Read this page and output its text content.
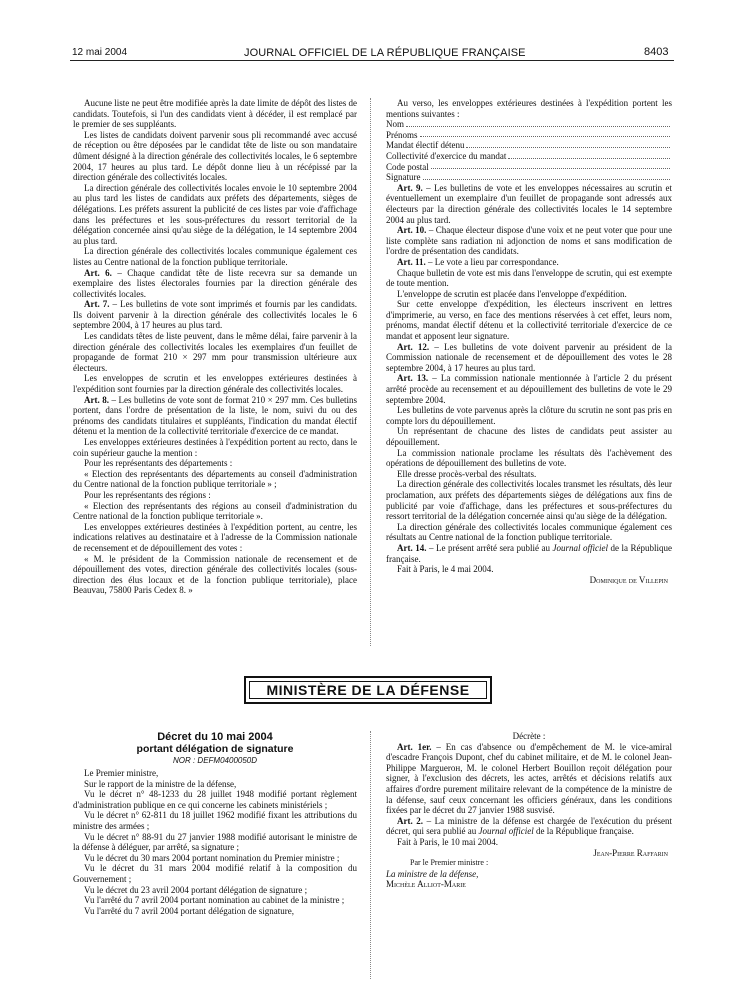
12 mai 2004	JOURNAL OFFICIEL DE LA RÉPUBLIQUE FRANÇAISE	8403

Aucune liste ne peut être modifiée après la date limite de dépôt des listes de candidats. Toutefois, si l'un des candidats vient à décéder, il est remplacé par le premier de ses suppléants.

Les listes de candidats doivent parvenir sous pli recommandé avec accusé de réception ou être déposées par le candidat tête de liste ou son mandataire dûment désigné à la direction générale des collectivités locales, le 6 septembre 2004, 17 heures au plus tard. Le dépôt donne lieu à un récépissé par la direction générale des collectivités locales.

La direction générale des collectivités locales envoie le 10 septembre 2004 au plus tard les listes de candidats aux préfets des départements, sièges de délégations. Les préfets assurent la publicité de ces listes par voie d'affichage dans les préfectures et les sous-préfectures du ressort territorial de la délégation concernée ainsi qu'au siège de la délégation, le 14 septembre 2004 au plus tard.

La direction générale des collectivités locales communique également ces listes au Centre national de la fonction publique territoriale.

Art. 6. – Chaque candidat tête de liste recevra sur sa demande un exemplaire des listes électorales fournies par la direction générale des collectivités locales.

Art. 7. – Les bulletins de vote sont imprimés et fournis par les candidats. Ils doivent parvenir à la direction générale des collectivités locales le 6 septembre 2004, à 17 heures au plus tard.

Les candidats têtes de liste peuvent, dans le même délai, faire parvenir à la direction générale des collectivités locales les exemplaires d'un feuillet de propagande de format 210 × 297 mm pour transmission ultérieure aux électeurs.

Les enveloppes de scrutin et les enveloppes extérieures destinées à l'expédition sont fournies par la direction générale des collectivités locales.

Art. 8. – Les bulletins de vote sont de format 210 × 297 mm. Ces bulletins portent, dans l'ordre de présentation de la liste, le nom, suivi du ou des prénoms des candidats titulaires et suppléants, l'indication du mandat électif détenu et la mention de la collectivité territoriale d'exercice de ce mandat.

Les enveloppes extérieures destinées à l'expédition portent au recto, dans le coin supérieur gauche la mention :

Pour les représentants des départements :

« Election des représentants des départements au conseil d'administration du Centre national de la fonction publique territoriale » ;

Pour les représentants des régions :

« Election des représentants des régions au conseil d'administration du Centre national de la fonction publique territoriale ».

Les enveloppes extérieures destinées à l'expédition portent, au centre, les indications relatives au destinataire et à l'adresse de la Commission nationale de recensement et de dépouillement des votes :

« M. le président de la Commission nationale de recensement et de dépouillement des votes, direction générale des collectivités locales (sous-direction des élus locaux et de la fonction publique territoriale), place Beauvau, 75800 Paris Cedex 8. »

Au verso, les enveloppes extérieures destinées à l'expédition portent les mentions suivantes :

Nom
Prénoms
Mandat électif détenu
Collectivité d'exercice du mandat
Code postal
Signature

Art. 9. – Les bulletins de vote et les enveloppes nécessaires au scrutin et éventuellement un exemplaire d'un feuillet de propagande sont adressés aux électeurs par la direction générale des collectivités locales le 14 septembre 2004 au plus tard.

Art. 10. – Chaque électeur dispose d'une voix et ne peut voter que pour une liste complète sans radiation ni adjonction de noms et sans modification de l'ordre de présentation des candidats.

Art. 11. – Le vote a lieu par correspondance.

Chaque bulletin de vote est mis dans l'enveloppe de scrutin, qui est exempte de toute mention.

L'enveloppe de scrutin est placée dans l'enveloppe d'expédition.

Sur cette enveloppe d'expédition, les électeurs inscrivent en lettres d'imprimerie, au verso, en face des mentions réservées à cet effet, leurs nom, prénoms, mandat électif détenu et la collectivité territoriale d'exercice de ce mandat et apposent leur signature.

Art. 12. – Les bulletins de vote doivent parvenir au président de la Commission nationale de recensement et de dépouillement des votes le 28 septembre 2004, à 17 heures au plus tard.

Art. 13. – La commission nationale mentionnée à l'article 2 du présent arrêté procède au recensement et au dépouillement des bulletins de vote le 29 septembre 2004.

Les bulletins de vote parvenus après la clôture du scrutin ne sont pas pris en compte lors du dépouillement.

Un représentant de chacune des listes de candidats peut assister au dépouillement.

La commission nationale proclame les résultats dès l'achèvement des opérations de dépouillement des bulletins de vote.

Elle dresse procès-verbal des résultats.

La direction générale des collectivités locales transmet les résultats, dès leur proclamation, aux préfets des départements sièges de délégations aux fins de publicité par voie d'affichage, dans les préfectures et sous-préfectures du ressort territorial de la délégation concernée ainsi qu'au siège de la délégation.

La direction générale des collectivités locales communique également ces résultats au Centre national de la fonction publique territoriale.

Art. 14. – Le présent arrêté sera publié au Journal officiel de la République française.

Fait à Paris, le 4 mai 2004.

Dominique de Villepin

MINISTÈRE DE LA DÉFENSE
Décret du 10 mai 2004
portant délégation de signature
NOR : DEFM0400050D

Le Premier ministre,

Sur le rapport de la ministre de la défense,

Vu le décret n° 48-1233 du 28 juillet 1948 modifié portant règlement d'administration publique en ce qui concerne les cabinets ministériels ;

Vu le décret n° 62-811 du 18 juillet 1962 modifié fixant les attributions du ministre des armées ;

Vu le décret n° 88-91 du 27 janvier 1988 modifié autorisant le ministre de la défense à déléguer, par arrêté, sa signature ;

Vu le décret du 30 mars 2004 portant nomination du Premier ministre ;

Vu le décret du 31 mars 2004 modifié relatif à la composition du Gouvernement ;

Vu le décret du 23 avril 2004 portant délégation de signature ;

Vu l'arrêté du 7 avril 2004 portant nomination au cabinet de la ministre ;

Vu l'arrêté du 7 avril 2004 portant délégation de signature,

Décrète :

Art. 1er. – En cas d'absence ou d'empêchement de M. le vice-amiral d'escadre François Dupont, chef du cabinet militaire, et de M. le colonel Jean-Philippe Marguerон, M. le colonel Herbert Bouillon reçoit délégation pour signer, à l'exclusion des décrets, les actes, arrêtés et décisions relatifs aux affaires d'ordre purement militaire relevant de la compétence de la ministre de la défense, sauf ceux concernant les officiers généraux, dans les conditions fixées par le décret du 27 janvier 1988 susvisé.

Art. 2. – La ministre de la défense est chargée de l'exécution du présent décret, qui sera publié au Journal officiel de la République française.

Fait à Paris, le 10 mai 2004.

Jean-Pierre Raffarin

Par le Premier ministre :

La ministre de la défense,

Michèle Alliot-Marie
